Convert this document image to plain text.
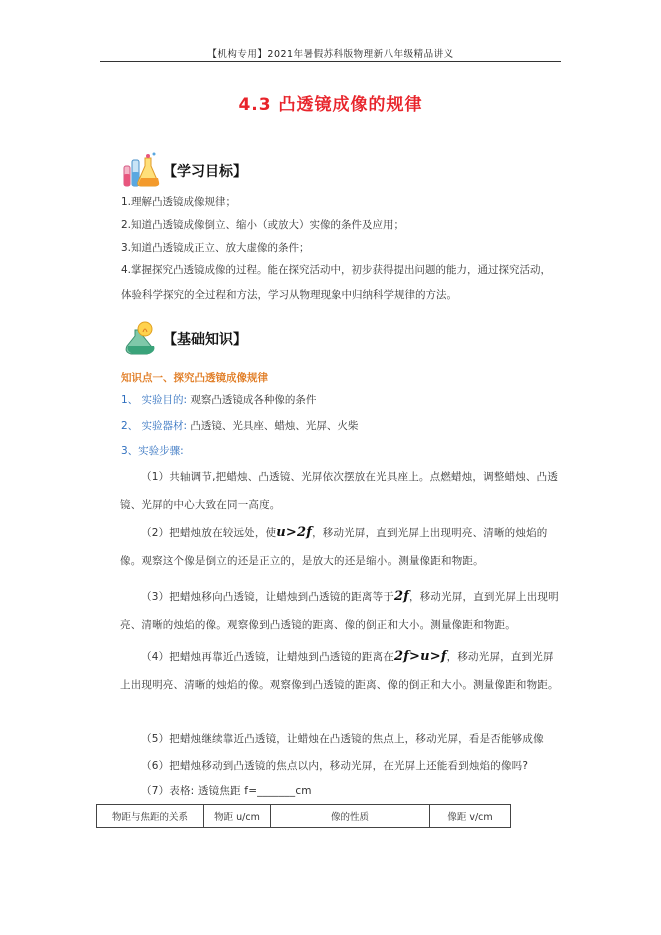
【机构专用】2021年暑假苏科版物理新八年级精品讲义
4.3 凸透镜成像的规律
【学习目标】
1.理解凸透镜成像规律；
2.知道凸透镜成像倒立、缩小（或放大）实像的条件及应用；
3.知道凸透镜成正立、放大虚像的条件；
4.掌握探究凸透镜成像的过程。能在探究活动中，初步获得提出问题的能力，通过探究活动，体验科学探究的全过程和方法，学习从物理现象中归纳科学规律的方法。
【基础知识】
知识点一、探究凸透镜成像规律
1、 实验目的: 观察凸透镜成各种像的条件
2、 实验器材: 凸透镜、光具座、蜡烛、光屏、火柴
3、实验步骤:
（1）共轴调节,把蜡烛、凸透镜、光屏依次摆放在光具座上。点燃蜡烛，调整蜡烛、凸透镜、光屏的中心大致在同一高度。
（2）把蜡烛放在较远处，使u>2f，移动光屏，直到光屏上出现明亮、清晰的烛焰的像。观察这个像是倒立的还是正立的，是放大的还是缩小。测量像距和物距。
（3）把蜡烛移向凸透镜，让蜡烛到凸透镜的距离等于2f，移动光屏，直到光屏上出现明亮、清晰的烛焰的像。观察像到凸透镜的距离、像的倒正和大小。测量像距和物距。
（4）把蜡烛再靠近凸透镜，让蜡烛到凸透镜的距离在2f>u>f，移动光屏，直到光屏上出现明亮、清晰的烛焰的像。观察像到凸透镜的距离、像的倒正和大小。测量像距和物距。
（5）把蜡烛继续靠近凸透镜，让蜡烛在凸透镜的焦点上，移动光屏，看是否能够成像
（6）把蜡烛移动到凸透镜的焦点以内，移动光屏，在光屏上还能看到烛焰的像吗?
（7）表格: 透镜焦距 f=_______cm
物距与焦距的关系	物距 u/cm	像的性质	像距 v/cm
